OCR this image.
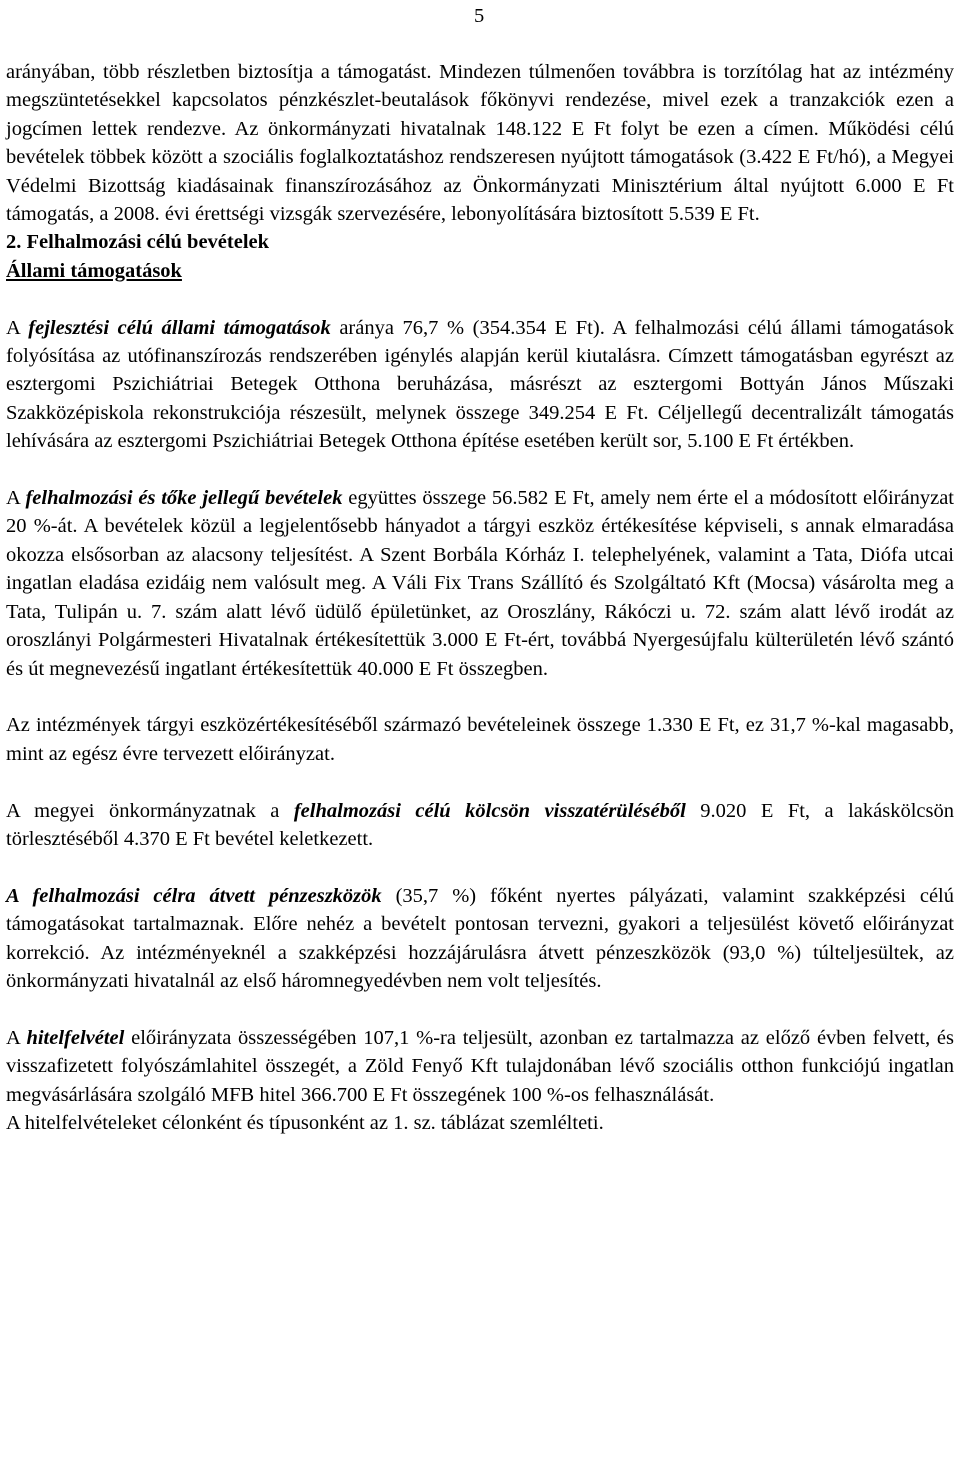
5

arányában, több részletben biztosítja a támogatást. Mindezen túlmenően továbbra is torzítólag hat az intézmény megszüntetésekkel kapcsolatos pénzkészlet-beutalások főkönyvi rendezése, mivel ezek a tranzakciók ezen a jogcímen lettek rendezve. Az önkormányzati hivatalnak 148.122 E Ft folyt be ezen a címen. Működési célú bevételek többek között a szociális foglalkoztatáshoz rendszeresen nyújtott támogatások (3.422 E Ft/hó), a Megyei Védelmi Bizottság kiadásainak finanszírozásához az Önkormányzati Minisztérium által nyújtott 6.000 E Ft támogatás, a 2008. évi érettségi vizsgák szervezésére, lebonyolítására biztosított 5.539 E Ft.

2. Felhalmozási célú bevételek

Állami támogatások

A fejlesztési célú állami támogatások aránya 76,7 % (354.354 E Ft). A felhalmozási célú állami támogatások folyósítása az utófinanszírozás rendszerében igénylés alapján kerül kiutalásra. Címzett támogatásban egyrészt az esztergomi Pszichiátriai Betegek Otthona beruházása, másrészt az esztergomi Bottyán János Műszaki Szakközépiskola rekonstrukciója részesült, melynek összege 349.254 E Ft. Céljellegű decentralizált támogatás lehívására az esztergomi Pszichiátriai Betegek Otthona építése esetében került sor, 5.100 E Ft értékben.

A felhalmozási és tőke jellegű bevételek együttes összege 56.582 E Ft, amely nem érte el a módosított előirányzat 20 %-át. A bevételek közül a legjelentősebb hányadot a tárgyi eszköz értékesítése képviseli, s annak elmaradása okozza elsősorban az alacsony teljesítést. A Szent Borbála Kórház I. telephelyének, valamint a Tata, Diófa utcai ingatlan eladása ezidáig nem valósult meg. A Váli Fix Trans Szállító és Szolgáltató Kft (Mocsa) vásárolta meg a Tata, Tulipán u. 7. szám alatt lévő üdülő épületünket, az Oroszlány, Rákóczi u. 72. szám alatt lévő irodát az oroszlányi Polgármesteri Hivatalnak értékesítettük 3.000 E Ft-ért, továbbá Nyergesújfalu külterületén lévő szántó és út megnevezésű ingatlant értékesítettük 40.000 E Ft összegben.

Az intézmények tárgyi eszközértékesítéséből származó bevételeinek összege 1.330 E Ft, ez 31,7 %-kal magasabb, mint az egész évre tervezett előirányzat.

A megyei önkormányzatnak a felhalmozási célú kölcsön visszatérüléséből 9.020 E Ft, a lakáskölcsön törlesztéséből 4.370 E Ft bevétel keletkezett.

A felhalmozási célra átvett pénzeszközök (35,7 %) főként nyertes pályázati, valamint szakképzési célú támogatásokat tartalmaznak. Előre nehéz a bevételt pontosan tervezni, gyakori a teljesülést követő előirányzat korrekció. Az intézményeknél a szakképzési hozzájárulásra átvett pénzeszközök (93,0 %) túlteljesültek, az önkormányzati hivatalnál az első háromnegyedévben nem volt teljesítés.

A hitelfelvétel előirányzata összességében 107,1 %-ra teljesült, azonban ez tartalmazza az előző évben felvett, és visszafizetett folyószámlahitel összegét, a Zöld Fenyő Kft tulajdonában lévő szociális otthon funkciójú ingatlan megvásárlására szolgáló MFB hitel 366.700 E Ft összegének 100 %-os felhasználását.

A hitelfelvételeket célonként és típusonként az 1. sz. táblázat szemlélteti.
